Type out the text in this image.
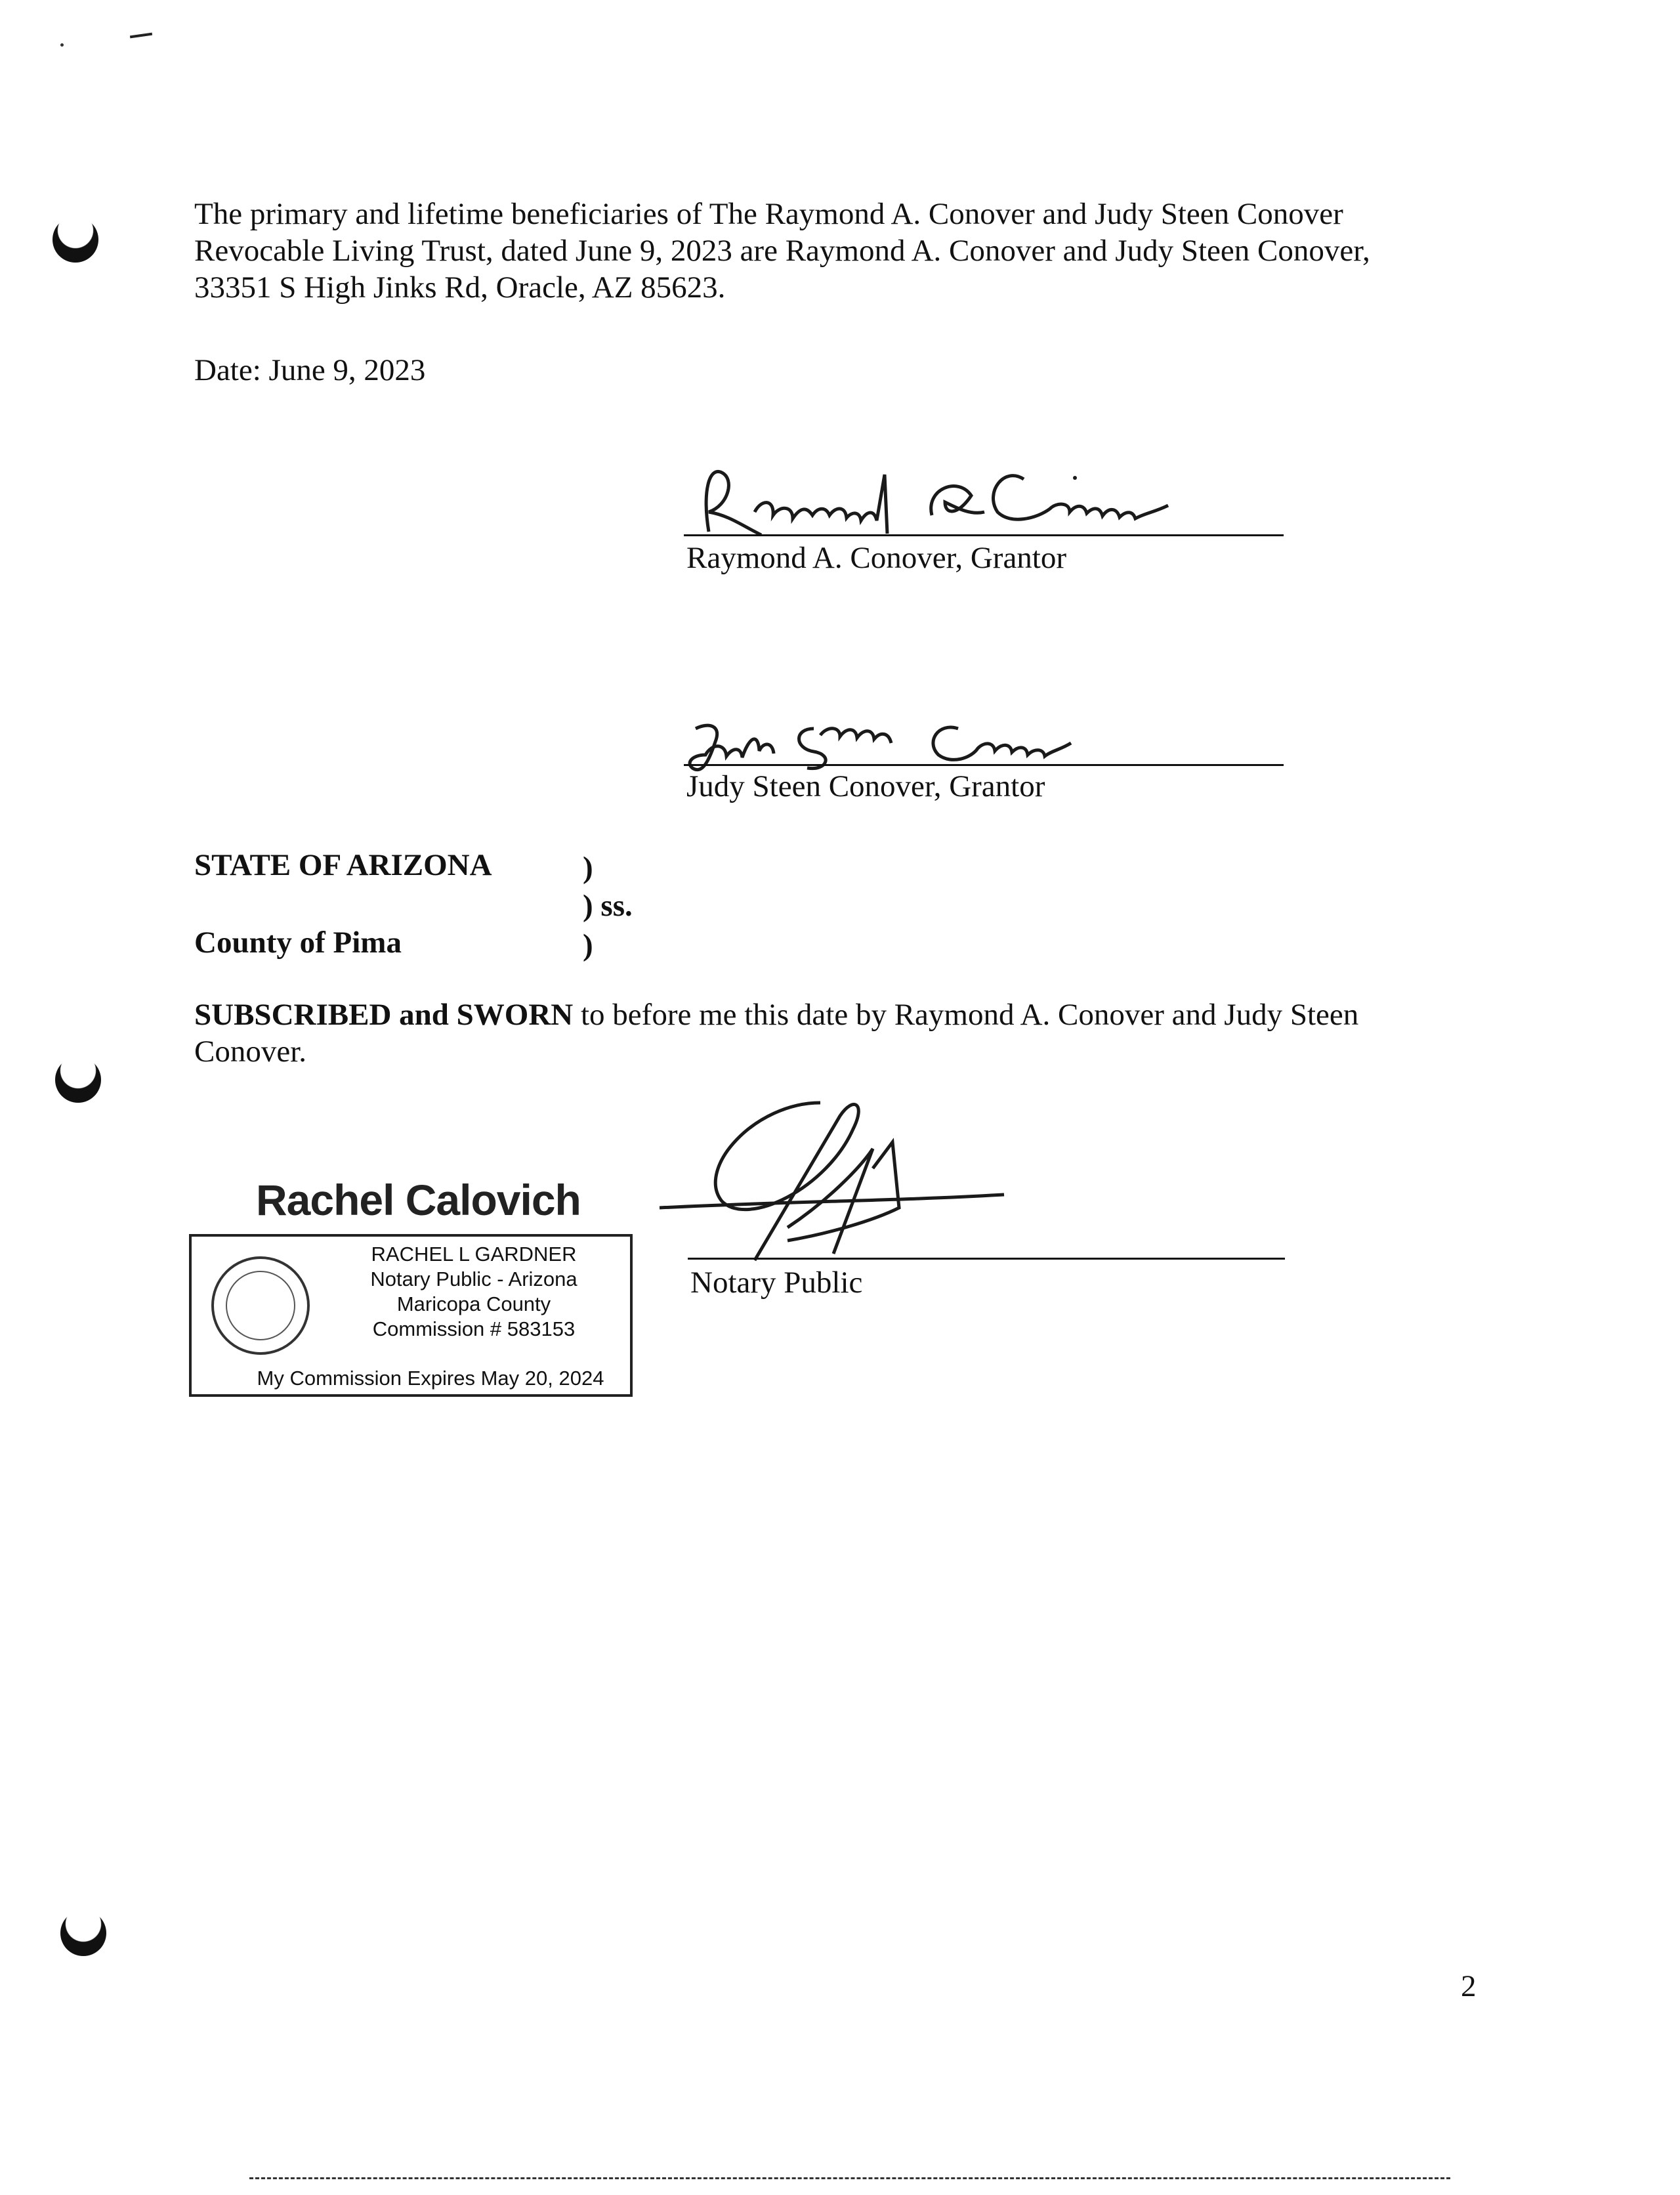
The primary and lifetime beneficiaries of The Raymond A. Conover and Judy Steen Conover
Revocable Living Trust, dated June 9, 2023 are Raymond A. Conover and Judy Steen Conover,
33351 S High Jinks Rd, Oracle, AZ 85623.
Date: June 9, 2023
Raymond A. Conover, Grantor
Judy Steen Conover, Grantor
STATE OF ARIZONA
County of Pima
)
) ss.
)
SUBSCRIBED and SWORN to before me this date by Raymond A. Conover and Judy Steen
Conover.
Rachel Calovich
RACHEL L GARDNER
Notary Public - Arizona
Maricopa County
Commission # 583153
My Commission Expires May 20, 2024
Notary Public
2
